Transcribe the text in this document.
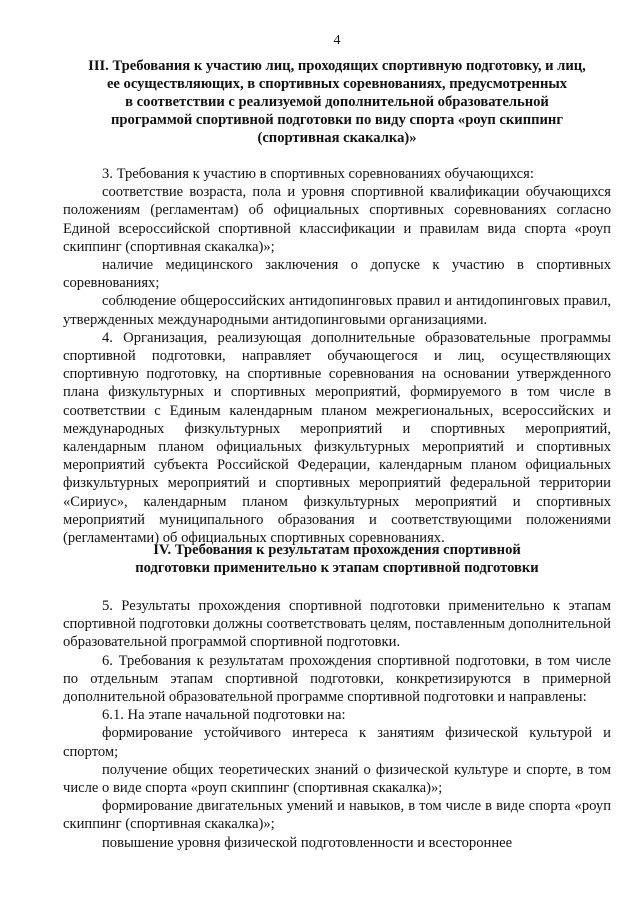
4
III. Требования к участию лиц, проходящих спортивную подготовку, и лиц,
ее осуществляющих, в спортивных соревнованиях, предусмотренных
в соответствии с реализуемой дополнительной образовательной
программой спортивной подготовки по виду спорта «роуп скиппинг
(спортивная скакалка)»

3. Требования к участию в спортивных соревнованиях обучающихся:

соответствие возраста, пола и уровня спортивной квалификации обучающихся положениям (регламентам) об официальных спортивных соревнованиях согласно Единой всероссийской спортивной классификации и правилам вида спорта «роуп скиппинг (спортивная скакалка)»;

наличие медицинского заключения о допуске к участию в спортивных соревнованиях;

соблюдение общероссийских антидопинговых правил и антидопинговых правил, утвержденных международными антидопинговыми организациями.

4. Организация, реализующая дополнительные образовательные программы спортивной подготовки, направляет обучающегося и лиц, осуществляющих спортивную подготовку, на спортивные соревнования на основании утвержденного плана физкультурных и спортивных мероприятий, формируемого в том числе в соответствии с Единым календарным планом межрегиональных, всероссийских и международных физкультурных мероприятий и спортивных мероприятий, календарным планом официальных физкультурных мероприятий и спортивных мероприятий субъекта Российской Федерации, календарным планом официальных физкультурных мероприятий и спортивных мероприятий федеральной территории «Сириус», календарным планом физкультурных мероприятий и спортивных мероприятий муниципального образования и соответствующими положениями (регламентами) об официальных спортивных соревнованиях.

IV. Требования к результатам прохождения спортивной
подготовки применительно к этапам спортивной подготовки

5. Результаты прохождения спортивной подготовки применительно к этапам спортивной подготовки должны соответствовать целям, поставленным дополнительной образовательной программой спортивной подготовки.

6. Требования к результатам прохождения спортивной подготовки, в том числе по отдельным этапам спортивной подготовки, конкретизируются в примерной дополнительной образовательной программе спортивной подготовки и направлены:

6.1. На этапе начальной подготовки на:

формирование устойчивого интереса к занятиям физической культурой и спортом;

получение общих теоретических знаний о физической культуре и спорте, в том числе о виде спорта «роуп скиппинг (спортивная скакалка)»;

формирование двигательных умений и навыков, в том числе в виде спорта «роуп скиппинг (спортивная скакалка)»;

повышение уровня физической подготовленности и всестороннее
